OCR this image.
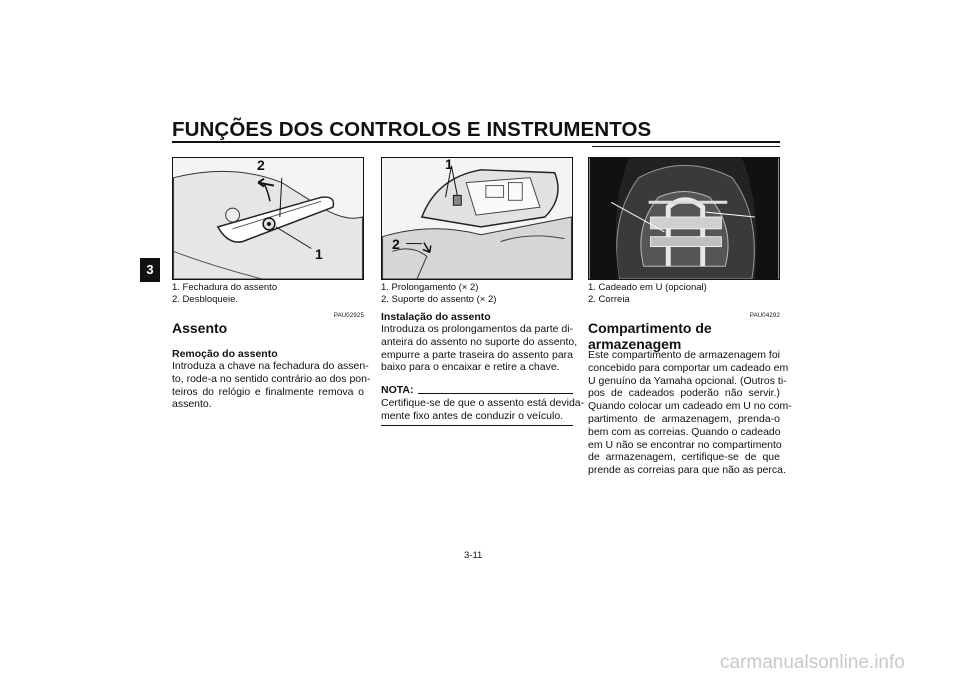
FUNÇÕES DOS CONTROLOS E INSTRUMENTOS
3
2
1
1. Fechadura do assento
2. Desbloqueie.
PAU02925
Assento
Remoção do assento
Introduza a chave na fechadura do assen-
to, rode-a no sentido contrário ao dos pon-
teiros do relógio e finalmente remova o
assento.
1
2
1. Prolongamento (× 2)
2. Suporte do assento (× 2)
Instalação do assento
Introduza os prolongamentos da parte di-
anteira do assento no suporte do assento,
empurre a parte traseira do assento para
baixo para o encaixar e retire a chave.
NOTA:
Certifique-se de que o assento está devida-
mente fixo antes de conduzir o veículo.
1
2
1. Cadeado em U (opcional)
2. Correia
PAU04292
Compartimento de
armazenagem
Este compartimento de armazenagem foi
concebido para comportar um cadeado em
U genuíno da Yamaha opcional. (Outros ti-
pos de cadeados poderão não servir.)
Quando colocar um cadeado em U no com-
partimento de armazenagem, prenda-o
bem com as correias. Quando o cadeado
em U não se encontrar no compartimento
de armazenagem, certifique-se de que
prende as correias para que não as perca.
3-11
carmanualsonline.info
